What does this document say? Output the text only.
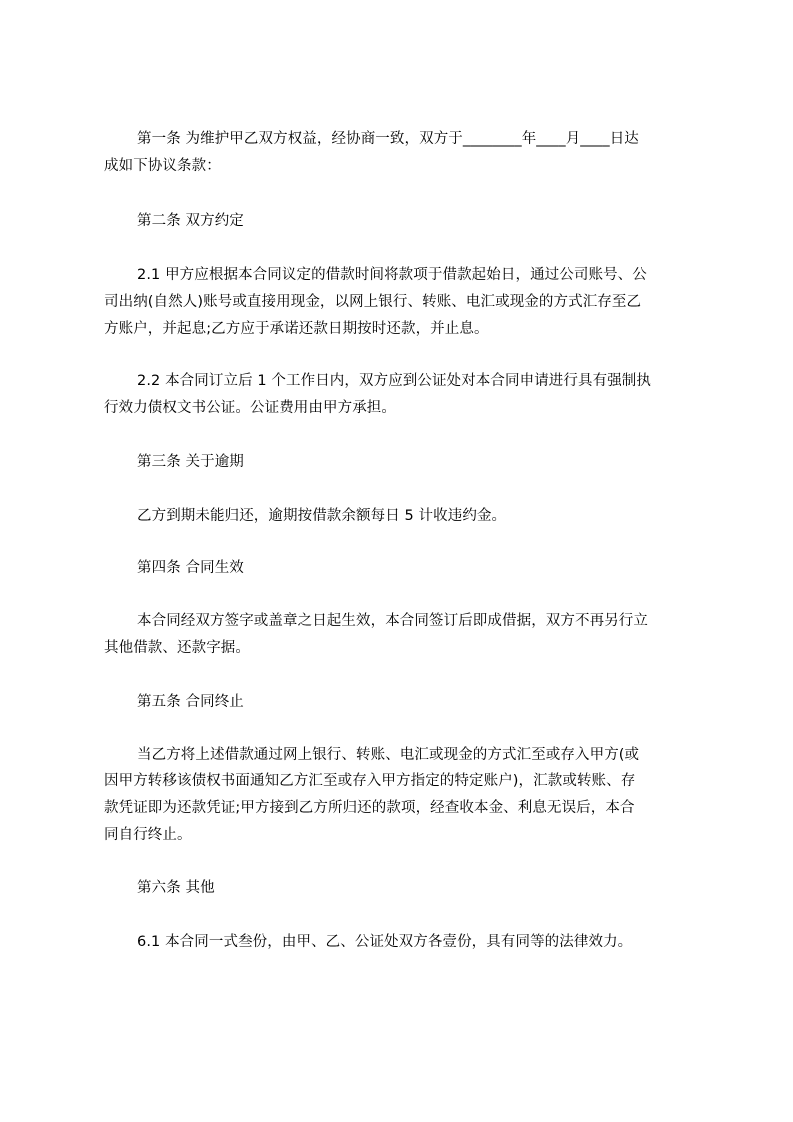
第一条 为维护甲乙双方权益，经协商一致，双方于________年____月____日达
成如下协议条款：
第二条 双方约定
2.1 甲方应根据本合同议定的借款时间将款项于借款起始日，通过公司账号、公
司出纳(自然人)账号或直接用现金，以网上银行、转账、电汇或现金的方式汇存至乙
方账户，并起息;乙方应于承诺还款日期按时还款，并止息。
2.2 本合同订立后 1 个工作日内，双方应到公证处对本合同申请进行具有强制执
行效力债权文书公证。公证费用由甲方承担。
第三条 关于逾期
乙方到期未能归还，逾期按借款余额每日 5 计收违约金。
第四条 合同生效
本合同经双方签字或盖章之日起生效，本合同签订后即成借据，双方不再另行立
其他借款、还款字据。
第五条 合同终止
当乙方将上述借款通过网上银行、转账、电汇或现金的方式汇至或存入甲方(或
因甲方转移该债权书面通知乙方汇至或存入甲方指定的特定账户)，汇款或转账、存
款凭证即为还款凭证;甲方接到乙方所归还的款项，经查收本金、利息无误后，本合
同自行终止。
第六条 其他
6.1 本合同一式叁份，由甲、乙、公证处双方各壹份，具有同等的法律效力。
